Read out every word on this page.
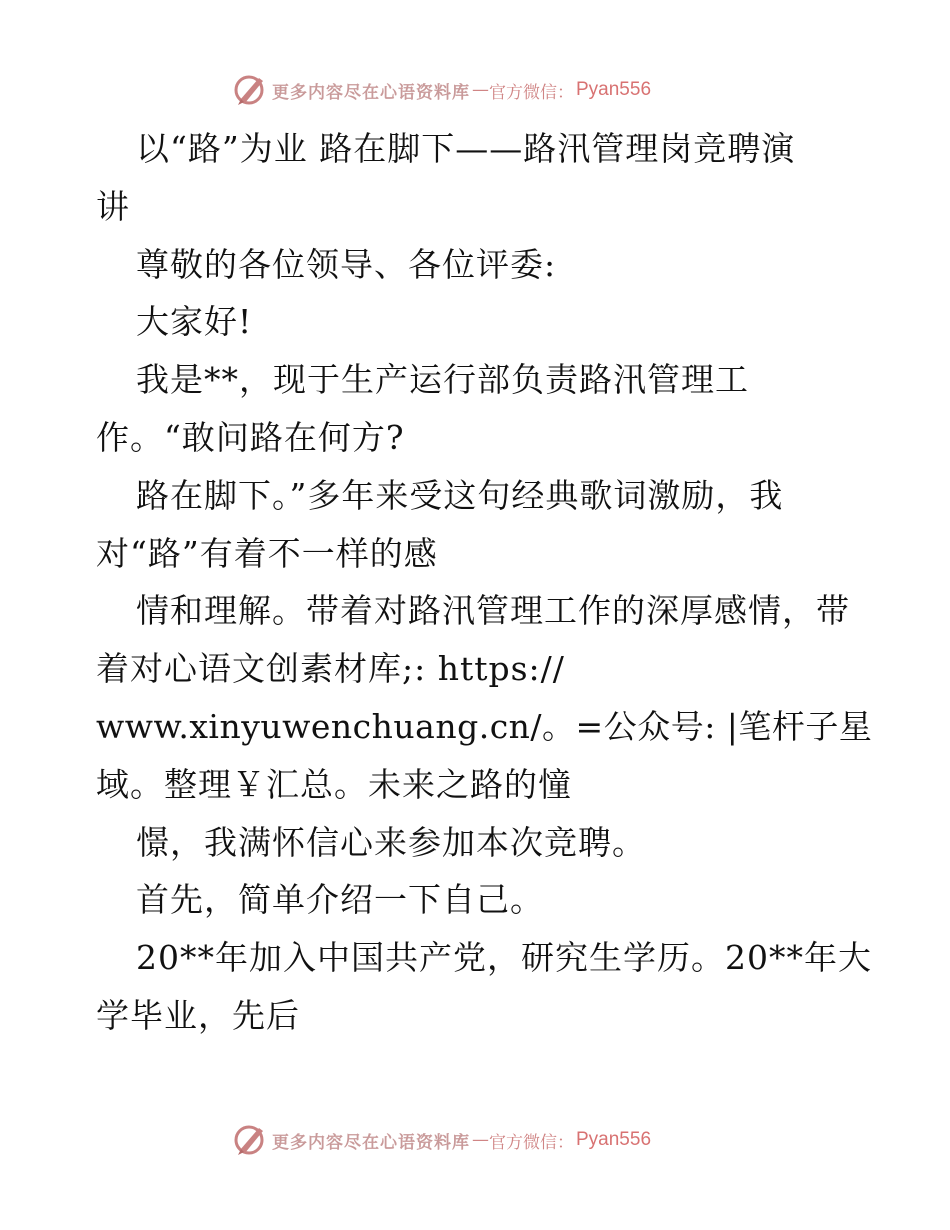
更多内容尽在心语资料库 — 官方微信： Pyan556
以“路”为业 路在脚下——路汛管理岗竞聘演
讲
尊敬的各位领导、各位评委:
大家好!
我是**，现于生产运行部负责路汛管理工
作。“敢问路在何方?
路在脚下。”多年来受这句经典歌词激励，我
对“路”有着不一样的感
情和理解。带着对路汛管理工作的深厚感情，带
着对心语文创素材库;: https://
www.xinyuwenchuang.cn/。=公众号: |笔杆子星
域。整理￥汇总。未来之路的憧
憬，我满怀信心来参加本次竞聘。
首先，简单介绍一下自己。
20**年加入中国共产党，研究生学历。20**年大
学毕业，先后
更多内容尽在心语资料库 — 官方微信： Pyan556
